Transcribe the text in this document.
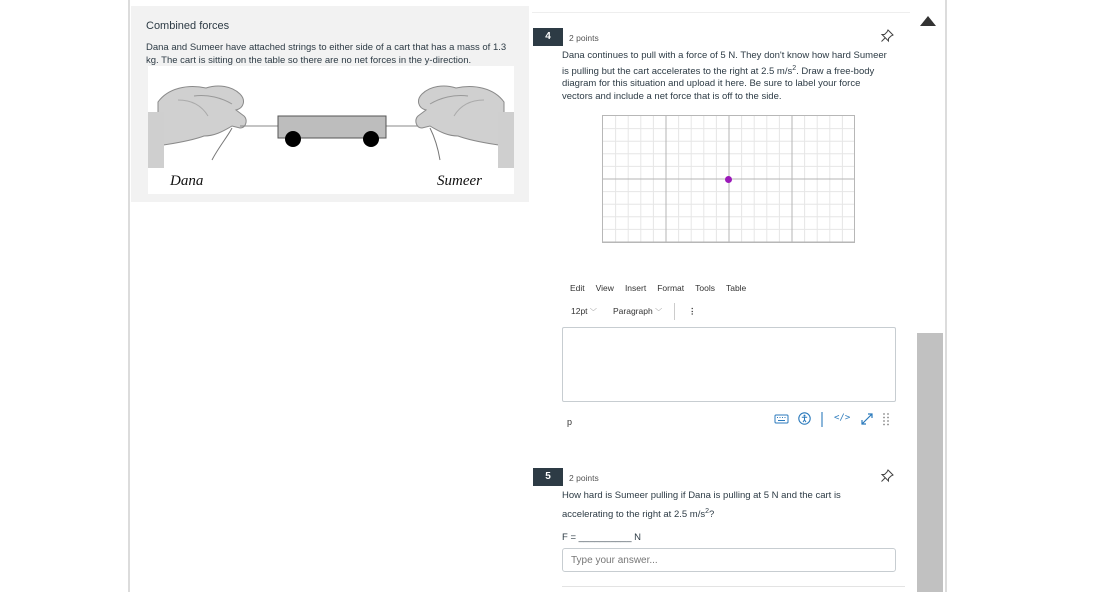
Combined forces
Dana and Sumeer have attached strings to either side of a cart that has a mass of 1.3 kg. The cart is sitting on the table so there are no net forces in the y-direction.
Dana	Sumeer
4	2 points
Dana continues to pull with a force of 5 N. They don't know how hard Sumeer is pulling but the cart accelerates to the right at 2.5 $m/s^2$. Draw a free-body diagram for this situation and upload it here. Be sure to label your force vectors and include a net force that is off to the side.
Edit View Insert Format Tools Table
12pt ﹀ Paragraph ﹀	⋮
p	</>
5	2 points
How hard is Sumeer pulling if Dana is pulling at 5 N and the cart is accelerating to the right at 2.5 $m/s^2$?
F = __________ N
Type your answer...
